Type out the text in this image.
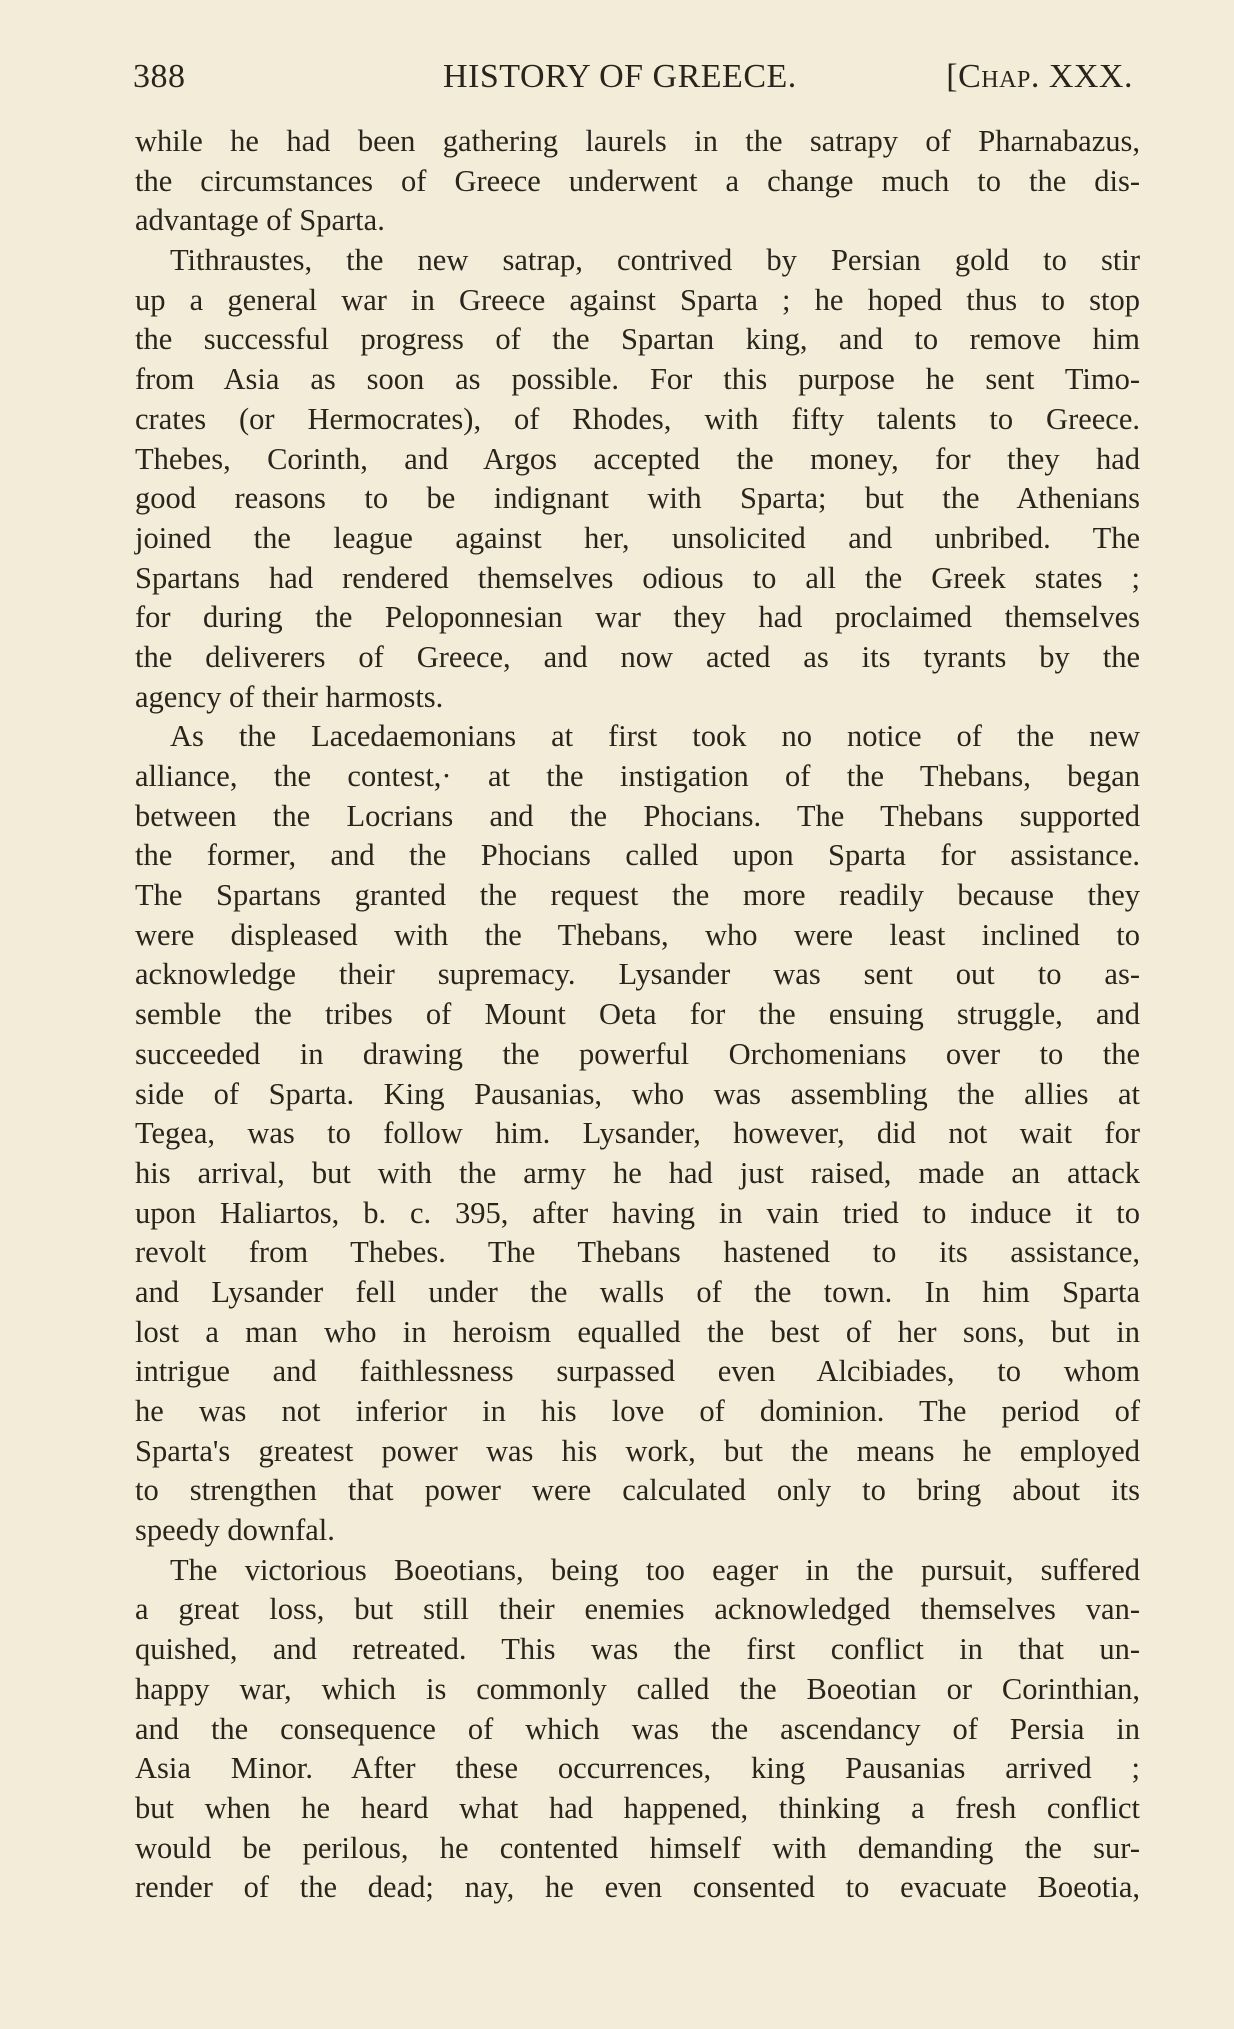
388	HISTORY OF GREECE.	[Chap. XXX.
while he had been gathering laurels in the satrapy of Pharnabazus,
the circumstances of Greece underwent a change much to the dis-
advantage of Sparta.
Tithraustes, the new satrap, contrived by Persian gold to stir
up a general war in Greece against Sparta ; he hoped thus to stop
the successful progress of the Spartan king, and to remove him
from Asia as soon as possible. For this purpose he sent Timo-
crates (or Hermocrates), of Rhodes, with fifty talents to Greece.
Thebes, Corinth, and Argos accepted the money, for they had
good reasons to be indignant with Sparta; but the Athenians
joined the league against her, unsolicited and unbribed. The
Spartans had rendered themselves odious to all the Greek states ;
for during the Peloponnesian war they had proclaimed themselves
the deliverers of Greece, and now acted as its tyrants by the
agency of their harmosts.
As the Lacedaemonians at first took no notice of the new
alliance, the contest,· at the instigation of the Thebans, began
between the Locrians and the Phocians. The Thebans supported
the former, and the Phocians called upon Sparta for assistance.
The Spartans granted the request the more readily because they
were displeased with the Thebans, who were least inclined to
acknowledge their supremacy. Lysander was sent out to as-
semble the tribes of Mount Oeta for the ensuing struggle, and
succeeded in drawing the powerful Orchomenians over to the
side of Sparta. King Pausanias, who was assembling the allies at
Tegea, was to follow him. Lysander, however, did not wait for
his arrival, but with the army he had just raised, made an attack
upon Haliartos, b. c. 395, after having in vain tried to induce it to
revolt from Thebes. The Thebans hastened to its assistance,
and Lysander fell under the walls of the town. In him Sparta
lost a man who in heroism equalled the best of her sons, but in
intrigue and faithlessness surpassed even Alcibiades, to whom
he was not inferior in his love of dominion. The period of
Sparta's greatest power was his work, but the means he employed
to strengthen that power were calculated only to bring about its
speedy downfal.
The victorious Boeotians, being too eager in the pursuit, suffered
a great loss, but still their enemies acknowledged themselves van-
quished, and retreated. This was the first conflict in that un-
happy war, which is commonly called the Boeotian or Corinthian,
and the consequence of which was the ascendancy of Persia in
Asia Minor. After these occurrences, king Pausanias arrived ;
but when he heard what had happened, thinking a fresh conflict
would be perilous, he contented himself with demanding the sur-
render of the dead; nay, he even consented to evacuate Boeotia,
